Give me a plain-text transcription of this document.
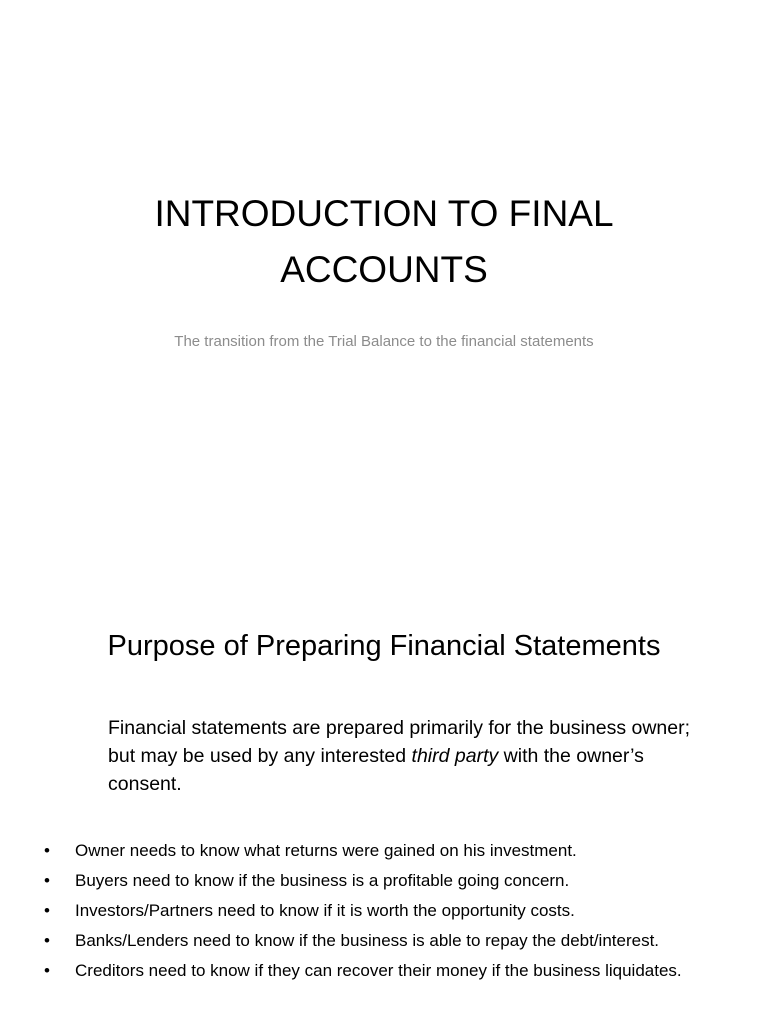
INTRODUCTION TO FINAL
ACCOUNTS

The transition from the Trial Balance to the financial statements

Purpose of Preparing Financial Statements

Financial statements are prepared primarily for the business owner; but may be used by any interested third party with the owner’s consent.

• Owner needs to know what returns were gained on his investment.
• Buyers need to know if the business is a profitable going concern.
• Investors/Partners need to know if it is worth the opportunity costs.
• Banks/Lenders need to know if the business is able to repay the debt/interest.
• Creditors need to know if they can recover their money if the business liquidates.
